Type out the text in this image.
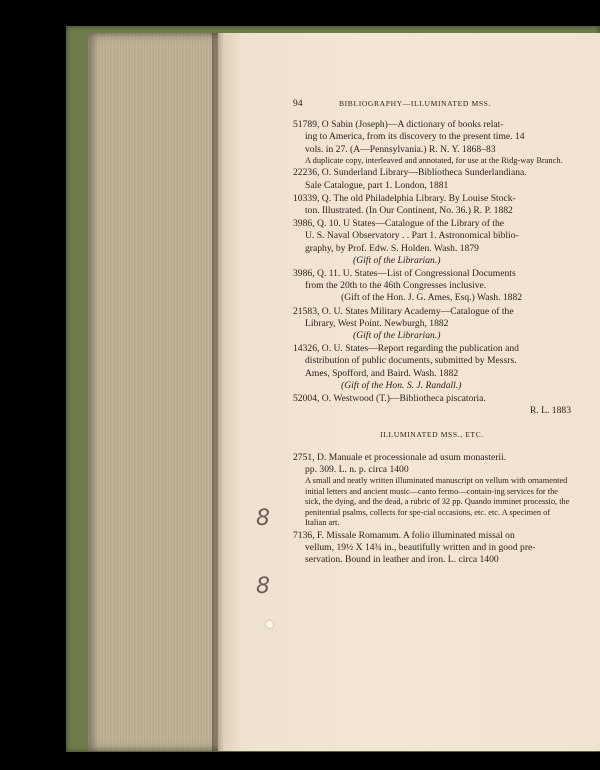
8
8
94	BIBLIOGRAPHY—ILLUMINATED MSS.
51789, O Sabin (Joseph)—A dictionary of books relat-
ing to America, from its discovery to the present time. 14
vols. in 27. (A—Pennsylvania.) R. N. Y. 1868–83
A duplicate copy, interleaved and annotated, for use at the Ridg-way Branch.
22236, O. Sunderland Library—Bibliotheca Sunderlandiana.
Sale Catalogue, part 1. London, 1881
10339, Q. The old Philadelphia Library. By Louise Stock-
ton. Illustrated. (In Our Continent, No. 36.) R. P. 1882
3986, Q. 10. U States—Catalogue of the Library of the
U. S. Naval Observatory . . Part 1. Astronomical biblio-
graphy, by Prof. Edw. S. Holden. Wash. 1879
(Gift of the Librarian.)
3986, Q. 11. U. States—List of Congressional Documents
from the 20th to the 46th Congresses inclusive.
(Gift of the Hon. J. G. Ames, Esq.) Wash. 1882
21583, O. U. States Military Academy—Catalogue of the
Library, West Point. Newburgh, 1882
(Gift of the Librarian.)
14326, O. U. States—Report regarding the publication and
distribution of public documents, submitted by Messrs.
Ames, Spofford, and Baird. Wash. 1882
(Gift of the Hon. S. J. Randall.)
52004, O. Westwood (T.)—Bibliotheca piscatoria.
R. L. 1883
ILLUMINATED MSS., ETC.
2751, D. Manuale et processionale ad usum monasterii.
pp. 309. L. n. p. circa 1400
A small and neatly written illuminated manuscript on vellum with ornamented initial letters and ancient music—canto fermo—contain-ing services for the sick, the dying, and the dead, a rubric of 32 pp. Quando imminet processio, the penitential psalms, collects for spe-cial occasions, etc. etc. A specimen of Italian art.
7136, F. Missale Romanum. A folio illuminated missal on
vellum, 19½ X 14¾ in., beautifully written and in good pre-
servation. Bound in leather and iron. L. circa 1400
